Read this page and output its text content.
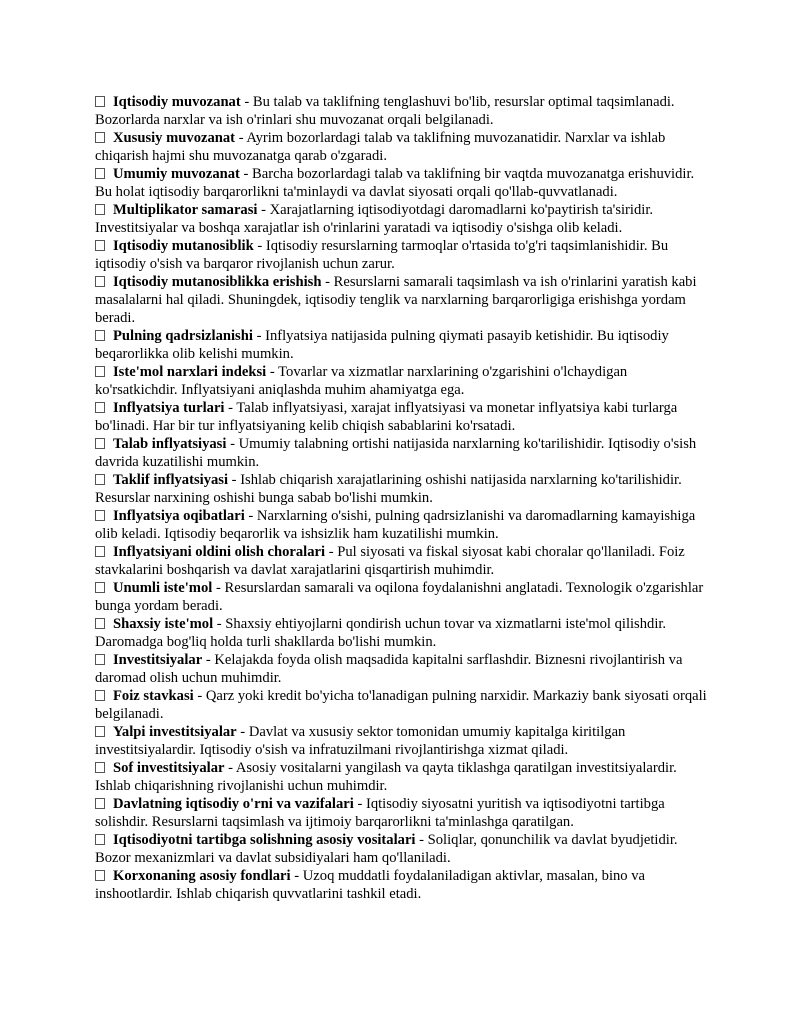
Iqtisodiy muvozanat - Bu talab va taklifning tenglashuvi bo'lib, resurslar optimal taqsimlanadi. Bozorlarda narxlar va ish o'rinlari shu muvozanat orqali belgilanadi.

Xususiy muvozanat - Ayrim bozorlardagi talab va taklifning muvozanatidir. Narxlar va ishlab chiqarish hajmi shu muvozanatga qarab o'zgaradi.

Umumiy muvozanat - Barcha bozorlardagi talab va taklifning bir vaqtda muvozanatga erishuvidir. Bu holat iqtisodiy barqarorlikni ta'minlaydi va davlat siyosati orqali qo'llab-quvvatlanadi.

Multiplikator samarasi - Xarajatlarning iqtisodiyotdagi daromadlarni ko'paytirish ta'siridir. Investitsiyalar va boshqa xarajatlar ish o'rinlarini yaratadi va iqtisodiy o'sishga olib keladi.

Iqtisodiy mutanosiblik - Iqtisodiy resurslarning tarmoqlar o'rtasida to'g'ri taqsimlanishidir. Bu iqtisodiy o'sish va barqaror rivojlanish uchun zarur.

Iqtisodiy mutanosiblikka erishish - Resurslarni samarali taqsimlash va ish o'rinlarini yaratish kabi masalalarni hal qiladi. Shuningdek, iqtisodiy tenglik va narxlarning barqarorligiga erishishga yordam beradi.

Pulning qadrsizlanishi - Inflyatsiya natijasida pulning qiymati pasayib ketishidir. Bu iqtisodiy beqarorlikka olib kelishi mumkin.

Iste'mol narxlari indeksi - Tovarlar va xizmatlar narxlarining o'zgarishini o'lchaydigan ko'rsatkichdir. Inflyatsiyani aniqlashda muhim ahamiyatga ega.

Inflyatsiya turlari - Talab inflyatsiyasi, xarajat inflyatsiyasi va monetar inflyatsiya kabi turlarga bo'linadi. Har bir tur inflyatsiyaning kelib chiqish sabablarini ko'rsatadi.

Talab inflyatsiyasi - Umumiy talabning ortishi natijasida narxlarning ko'tarilishidir. Iqtisodiy o'sish davrida kuzatilishi mumkin.

Taklif inflyatsiyasi - Ishlab chiqarish xarajatlarining oshishi natijasida narxlarning ko'tarilishidir. Resurslar narxining oshishi bunga sabab bo'lishi mumkin.

Inflyatsiya oqibatlari - Narxlarning o'sishi, pulning qadrsizlanishi va daromadlarning kamayishiga olib keladi. Iqtisodiy beqarorlik va ishsizlik ham kuzatilishi mumkin.

Inflyatsiyani oldini olish choralari - Pul siyosati va fiskal siyosat kabi choralar qo'llaniladi. Foiz stavkalarini boshqarish va davlat xarajatlarini qisqartirish muhimdir.

Unumli iste'mol - Resurslardan samarali va oqilona foydalanishni anglatadi. Texnologik o'zgarishlar bunga yordam beradi.

Shaxsiy iste'mol - Shaxsiy ehtiyojlarni qondirish uchun tovar va xizmatlarni iste'mol qilishdir. Daromadga bog'liq holda turli shakllarda bo'lishi mumkin.

Investitsiyalar - Kelajakda foyda olish maqsadida kapitalni sarflashdir. Biznesni rivojlantirish va daromad olish uchun muhimdir.

Foiz stavkasi - Qarz yoki kredit bo'yicha to'lanadigan pulning narxidir. Markaziy bank siyosati orqali belgilanadi.

Yalpi investitsiyalar - Davlat va xususiy sektor tomonidan umumiy kapitalga kiritilgan investitsiyalardir. Iqtisodiy o'sish va infratuzilmani rivojlantirishga xizmat qiladi.

Sof investitsiyalar - Asosiy vositalarni yangilash va qayta tiklashga qaratilgan investitsiyalardir. Ishlab chiqarishning rivojlanishi uchun muhimdir.

Davlatning iqtisodiy o'rni va vazifalari - Iqtisodiy siyosatni yuritish va iqtisodiyotni tartibga solishdir. Resurslarni taqsimlash va ijtimoiy barqarorlikni ta'minlashga qaratilgan.

Iqtisodiyotni tartibga solishning asosiy vositalari - Soliqlar, qonunchilik va davlat byudjetidir. Bozor mexanizmlari va davlat subsidiyalari ham qo'llaniladi.

Korxonaning asosiy fondlari - Uzoq muddatli foydalaniladigan aktivlar, masalan, bino va inshootlardir. Ishlab chiqarish quvvatlarini tashkil etadi.
